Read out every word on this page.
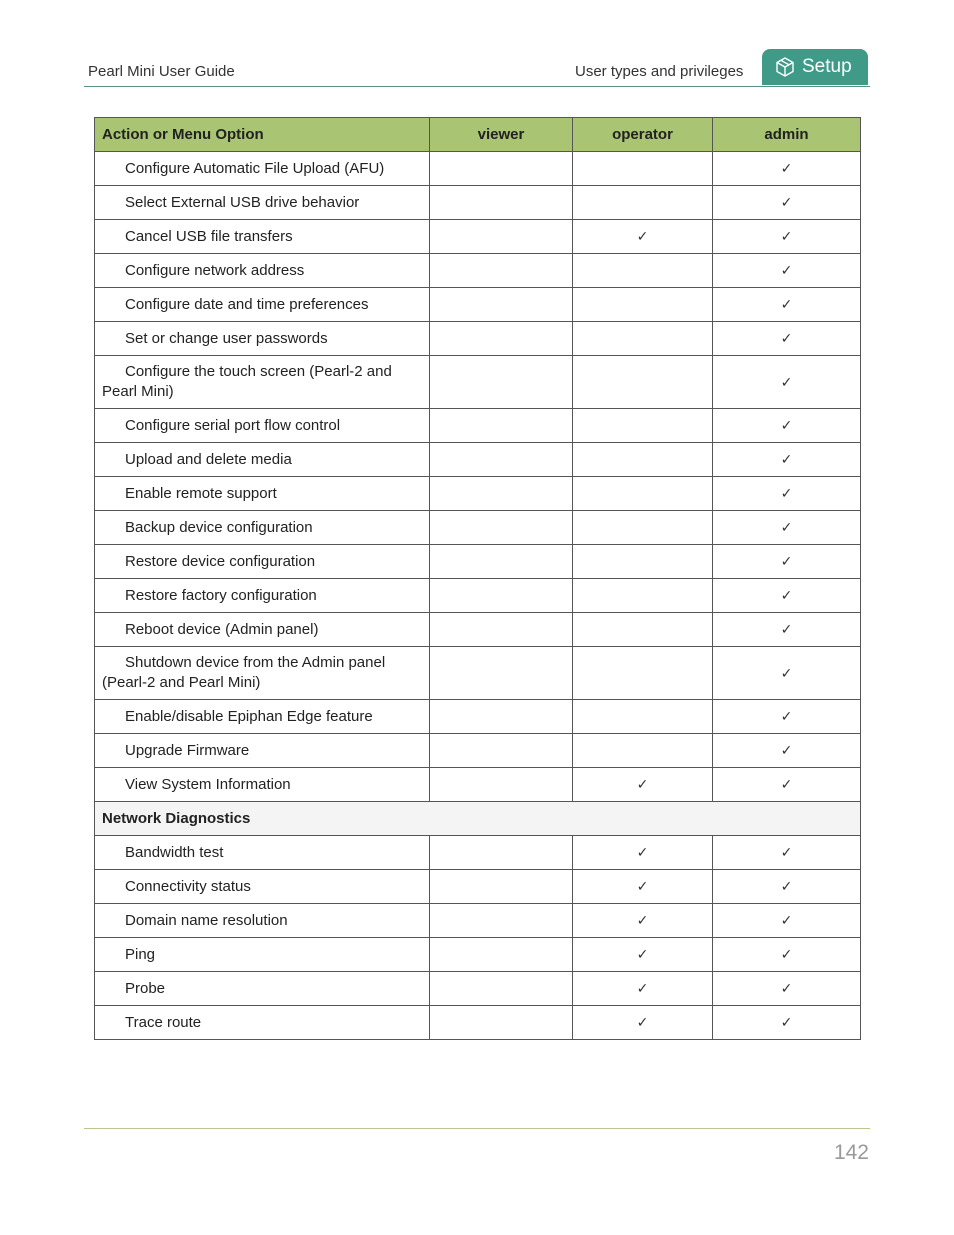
Pearl Mini User Guide	User types and privileges	Setup
Action or Menu Option	viewer	operator	admin
Configure Automatic File Upload (AFU)			✓
Select External USB drive behavior			✓
Cancel USB file transfers		✓	✓
Configure network address			✓
Configure date and time preferences			✓
Set or change user passwords			✓
Configure the touch screen (Pearl-2 and Pearl Mini)			✓
Configure serial port flow control			✓
Upload and delete media			✓
Enable remote support			✓
Backup device configuration			✓
Restore device configuration			✓
Restore factory configuration			✓
Reboot device (Admin panel)			✓
Shutdown device from the Admin panel (Pearl-2 and Pearl Mini)			✓
Enable/disable Epiphan Edge feature			✓
Upgrade Firmware			✓
View System Information		✓	✓
Network Diagnostics			
Bandwidth test		✓	✓
Connectivity status		✓	✓
Domain name resolution		✓	✓
Ping		✓	✓
Probe		✓	✓
Trace route		✓	✓
142
